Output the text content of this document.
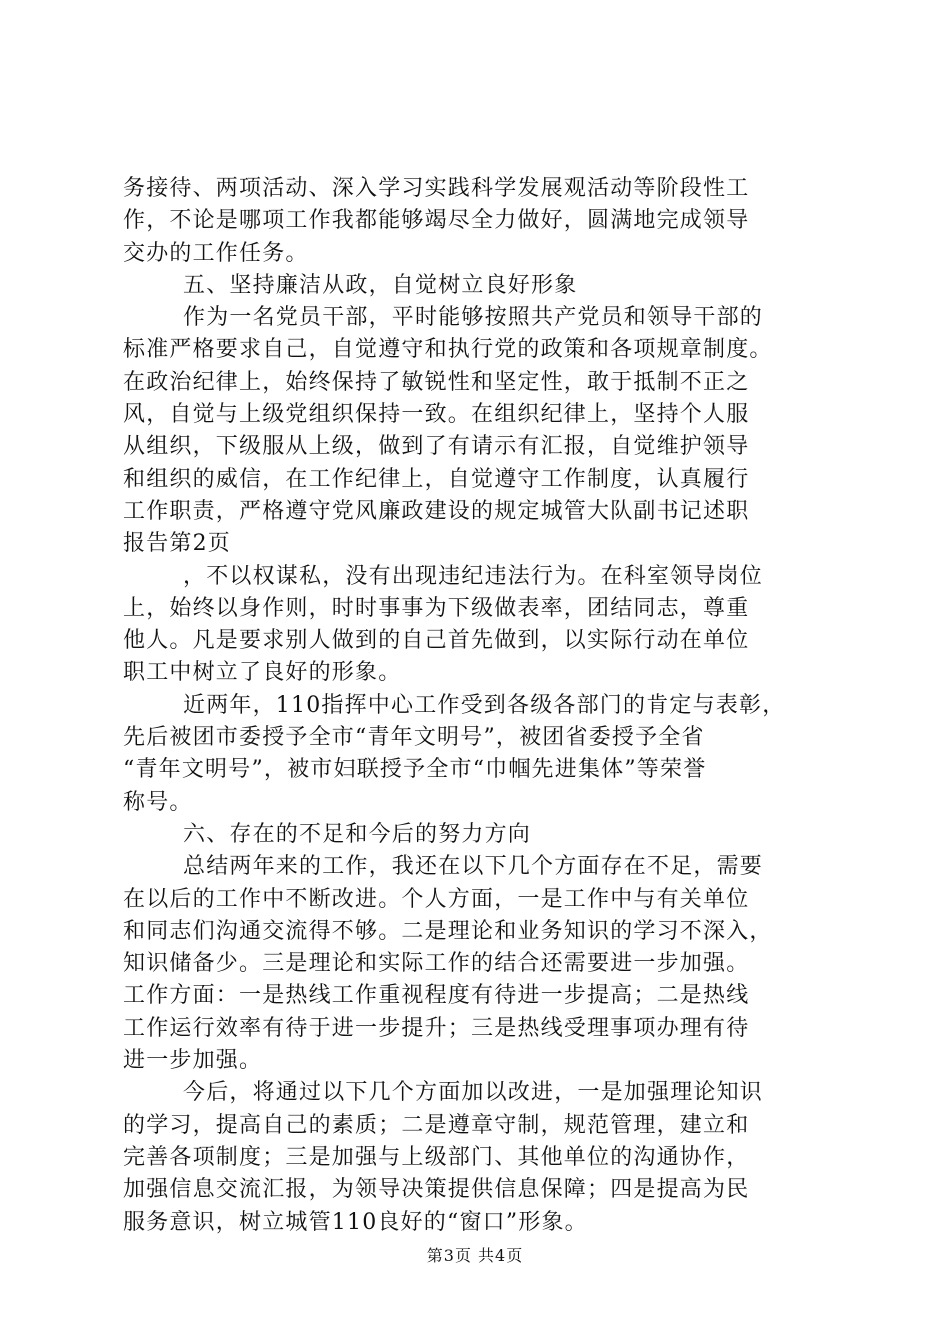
务接待、两项活动、深入学习实践科学发展观活动等阶段性工
作，不论是哪项工作我都能够竭尽全力做好，圆满地完成领导
交办的工作任务。
五、坚持廉洁从政，自觉树立良好形象
作为一名党员干部，平时能够按照共产党员和领导干部的
标准严格要求自己，自觉遵守和执行党的政策和各项规章制度。
在政治纪律上，始终保持了敏锐性和坚定性，敢于抵制不正之
风，自觉与上级党组织保持一致。在组织纪律上，坚持个人服
从组织，下级服从上级，做到了有请示有汇报，自觉维护领导
和组织的威信，在工作纪律上，自觉遵守工作制度，认真履行
工作职责，严格遵守党风廉政建设的规定城管大队副书记述职
报告第2页
，不以权谋私，没有出现违纪违法行为。在科室领导岗位
上，始终以身作则，时时事事为下级做表率，团结同志，尊重
他人。凡是要求别人做到的自己首先做到，以实际行动在单位
职工中树立了良好的形象。
近两年，110指挥中心工作受到各级各部门的肯定与表彰，
先后被团市委授予全市“青年文明号”，被团省委授予全省
“青年文明号”，被市妇联授予全市“巾帼先进集体”等荣誉
称号。
六、存在的不足和今后的努力方向
总结两年来的工作，我还在以下几个方面存在不足，需要
在以后的工作中不断改进。个人方面，一是工作中与有关单位
和同志们沟通交流得不够。二是理论和业务知识的学习不深入，
知识储备少。三是理论和实际工作的结合还需要进一步加强。
工作方面：一是热线工作重视程度有待进一步提高；二是热线
工作运行效率有待于进一步提升；三是热线受理事项办理有待
进一步加强。
今后，将通过以下几个方面加以改进，一是加强理论知识
的学习，提高自己的素质；二是遵章守制，规范管理，建立和
完善各项制度；三是加强与上级部门、其他单位的沟通协作，
加强信息交流汇报，为领导决策提供信息保障；四是提高为民
服务意识，树立城管110良好的“窗口”形象。
第3页 共4页
